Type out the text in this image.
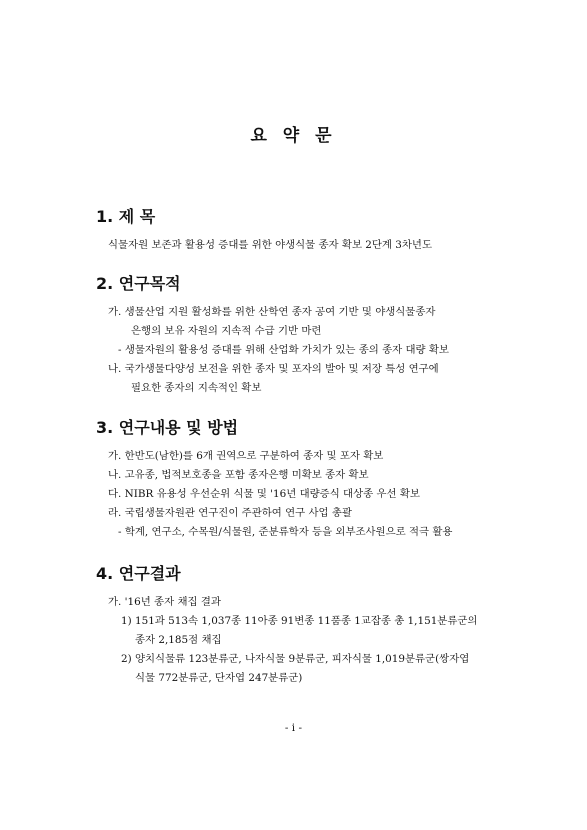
요 약 문
1. 제 목
식물자원 보존과 활용성 증대를 위한 야생식물 종자 확보 2단계 3차년도
2. 연구목적
가. 생물산업 지원 활성화를 위한 산학연 종자 공여 기반 및 야생식물종자
은행의 보유 자원의 지속적 수급 기반 마련
- 생물자원의 활용성 증대를 위해 산업화 가치가 있는 종의 종자 대량 확보
나. 국가생물다양성 보전을 위한 종자 및 포자의 발아 및 저장 특성 연구에
필요한 종자의 지속적인 확보
3. 연구내용 및 방법
가. 한반도(남한)를 6개 권역으로 구분하여 종자 및 포자 확보
나. 고유종, 법적보호종을 포함 종자은행 미확보 종자 확보
다. NIBR 유용성 우선순위 식물 및 '16년 대량증식 대상종 우선 확보
라. 국립생물자원관 연구진이 주관하여 연구 사업 총괄
- 학계, 연구소, 수목원/식물원, 준분류학자 등을 외부조사원으로 적극 활용
4. 연구결과
가. '16년 종자 채집 결과
1) 151과 513속 1,037종 11아종 91변종 11품종 1교잡종 총 1,151분류군의
종자 2,185점 채집
2) 양치식물류 123분류군, 나자식물 9분류군, 피자식물 1,019분류군(쌍자엽
식물 772분류군, 단자엽 247분류군)
- i -
